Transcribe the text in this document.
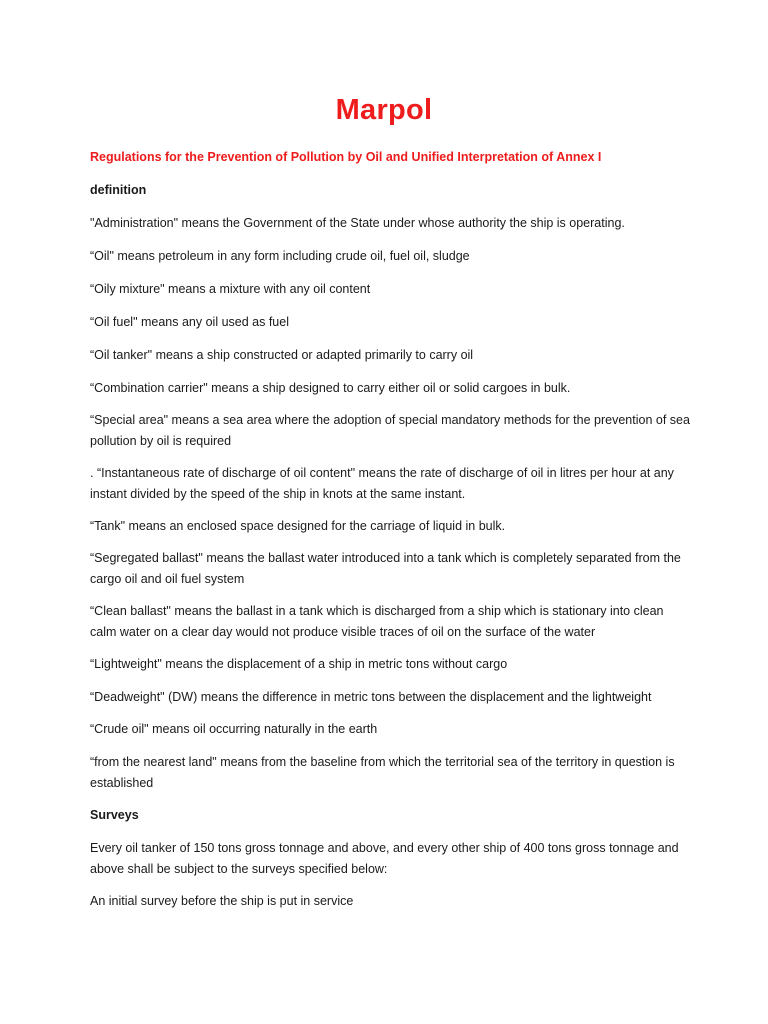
Marpol

Regulations for the Prevention of Pollution by Oil and Unified Interpretation of Annex I

definition

"Administration" means the Government of the State under whose authority the ship is operating.

“Oil" means petroleum in any form including crude oil, fuel oil, sludge

“Oily mixture" means a mixture with any oil content

“Oil fuel" means any oil used as fuel

“Oil tanker" means a ship constructed or adapted primarily to carry oil

“Combination carrier" means a ship designed to carry either oil or solid cargoes in bulk.

“Special area" means a sea area where the adoption of special mandatory methods for the prevention of sea pollution by oil is required

. “Instantaneous rate of discharge of oil content" means the rate of discharge of oil in litres per hour at any instant divided by the speed of the ship in knots at the same instant.

“Tank" means an enclosed space designed for the carriage of liquid in bulk.

“Segregated ballast" means the ballast water introduced into a tank which is completely separated from the cargo oil and oil fuel system

“Clean ballast" means the ballast in a tank which is discharged from a ship which is stationary into clean calm water on a clear day would not produce visible traces of oil on the surface of the water

“Lightweight" means the displacement of a ship in metric tons without cargo

“Deadweight" (DW) means the difference in metric tons between the displacement and the lightweight

“Crude oil" means oil occurring naturally in the earth

“from the nearest land" means from the baseline from which the territorial sea of the territory in question is established

Surveys

Every oil tanker of 150 tons gross tonnage and above, and every other ship of 400 tons gross tonnage and above shall be subject to the surveys specified below:

An initial survey before the ship is put in service
